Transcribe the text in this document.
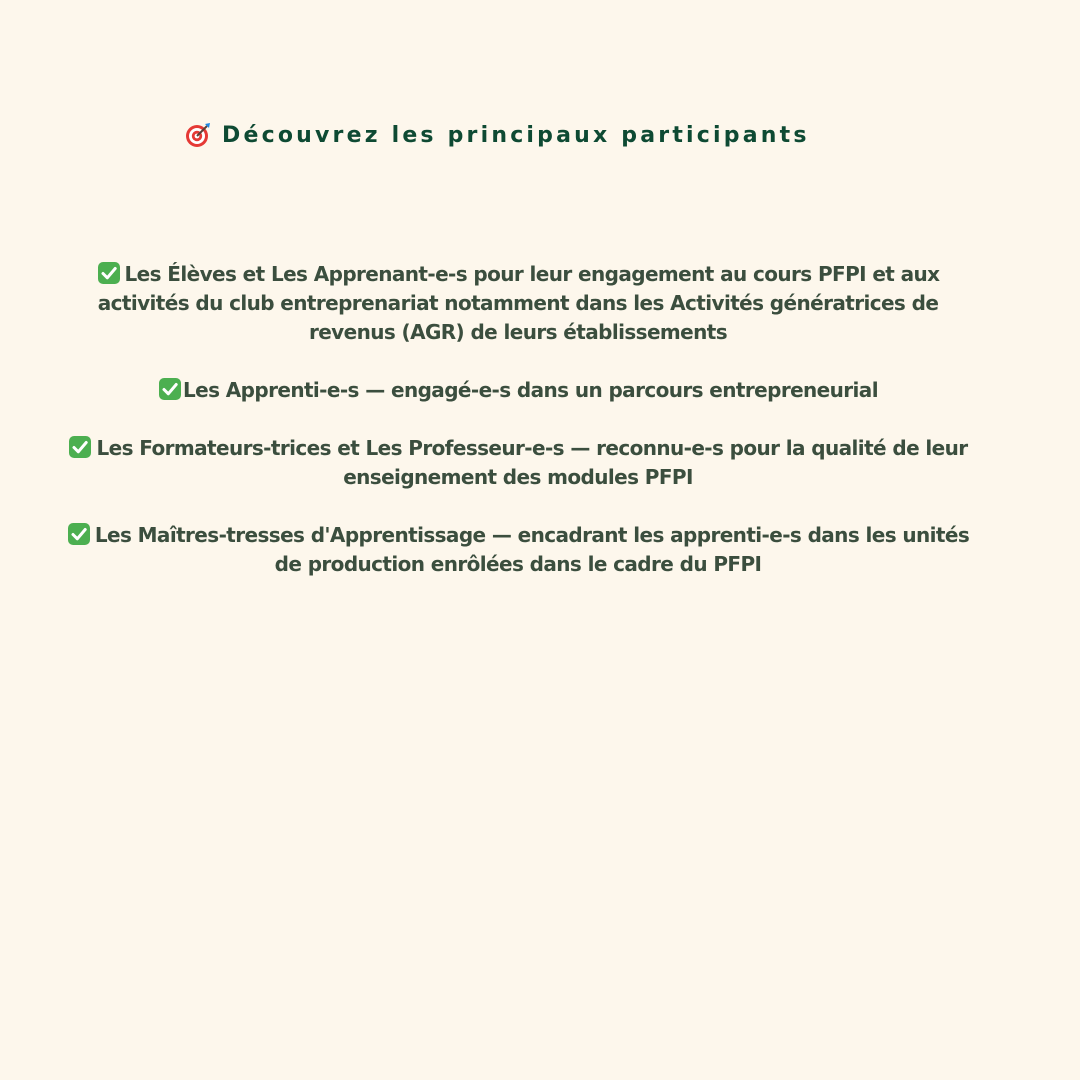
Découvrez les principaux participants
Les Élèves et Les Apprenant-e-s pour leur engagement au cours PFPI et aux activités du club entreprenariat notamment dans les Activités génératrices de revenus (AGR) de leurs établissements
Les Apprenti-e-s — engagé-e-s dans un parcours entrepreneurial
Les Formateurs-trices et Les Professeur-e-s — reconnu-e-s pour la qualité de leur enseignement des modules PFPI
Les Maîtres-tresses d'Apprentissage — encadrant les apprenti-e-s dans les unités de production enrôlées dans le cadre du PFPI
